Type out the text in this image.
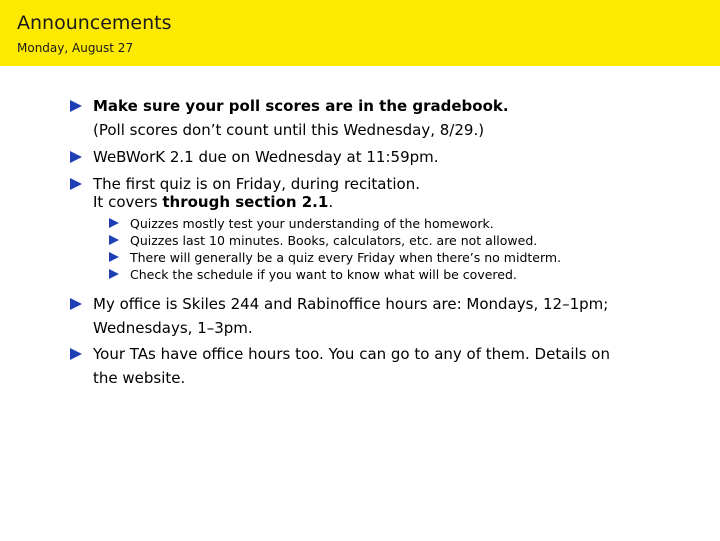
Announcements
Monday, August 27
Make sure your poll scores are in the gradebook.
(Poll scores don’t count until this Wednesday, 8/29.)
WeBWorK 2.1 due on Wednesday at 11:59pm.
The first quiz is on Friday, during recitation.
It covers through section 2.1.
Quizzes mostly test your understanding of the homework.
Quizzes last 10 minutes. Books, calculators, etc. are not allowed.
There will generally be a quiz every Friday when there’s no midterm.
Check the schedule if you want to know what will be covered.
My office is Skiles 244 and Rabinoffice hours are: Mondays, 12–1pm;
Wednesdays, 1–3pm.
Your TAs have office hours too. You can go to any of them. Details on
the website.
